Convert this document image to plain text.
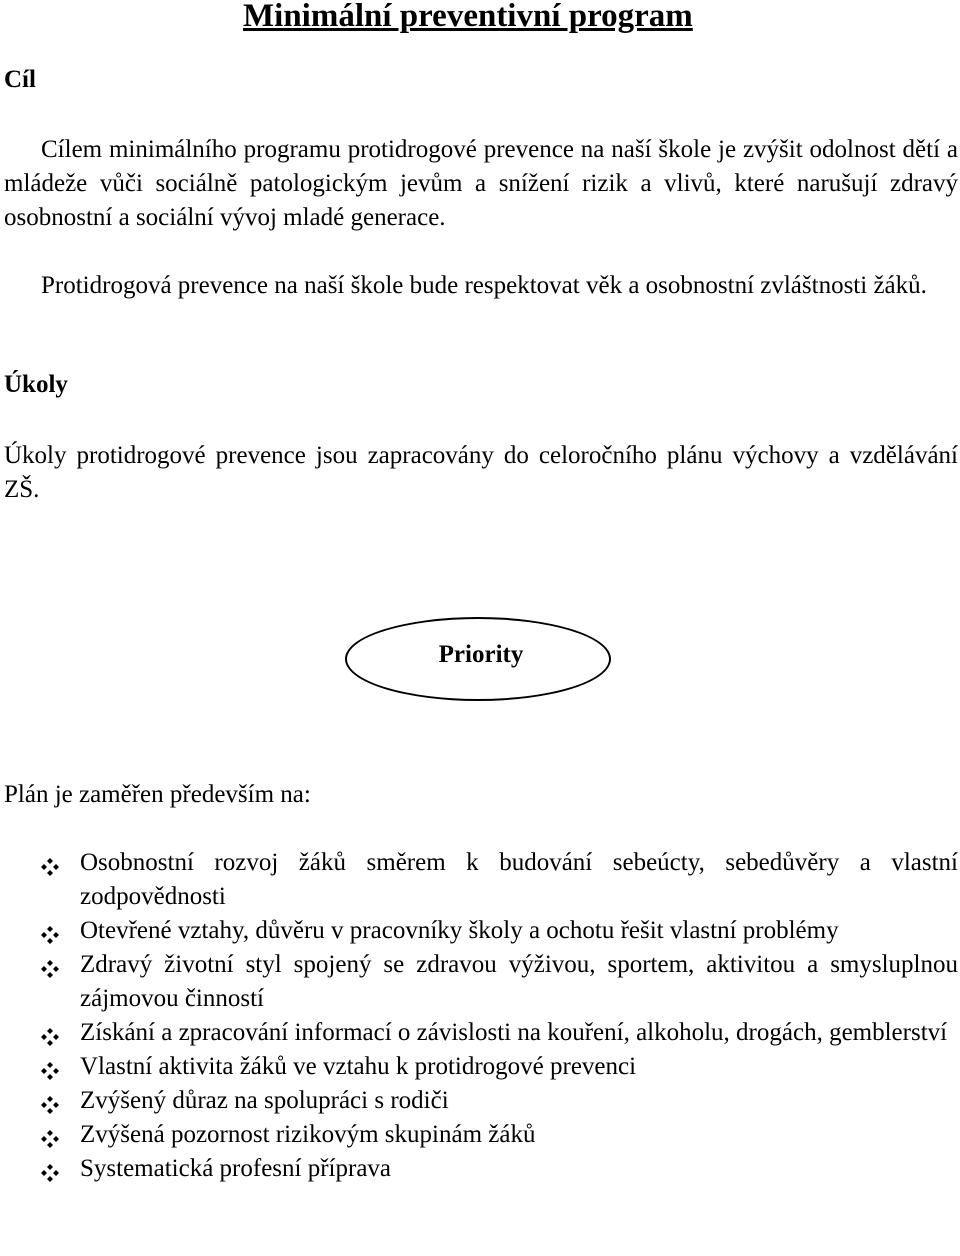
Minimální preventivní program
Cíl

Cílem minimálního programu protidrogové prevence na naší škole je zvýšit odolnost dětí a mládeže vůči sociálně patologickým jevům a snížení rizik a vlivů, které narušují zdravý osobnostní a sociální vývoj mladé generace.

Protidrogová prevence na naší škole bude respektovat věk a osobnostní zvláštnosti žáků.

Úkoly

Úkoly protidrogové prevence jsou zapracovány do celoročního plánu výchovy a vzdělávání ZŠ.

Priority
Plán je zaměřen především na:
Osobnostní rozvoj žáků směrem k budování sebeúcty, sebedůvěry a vlastní zodpovědnosti
Otevřené vztahy, důvěru v pracovníky školy a ochotu řešit vlastní problémy
Zdravý životní styl spojený se zdravou výživou, sportem, aktivitou a smysluplnou zájmovou činností
Získání a zpracování informací o závislosti na kouření, alkoholu, drogách, gemblerství
Vlastní aktivita žáků ve vztahu k protidrogové prevenci
Zvýšený důraz na spolupráci s rodiči
Zvýšená pozornost rizikovým skupinám žáků
Systematická profesní příprava
